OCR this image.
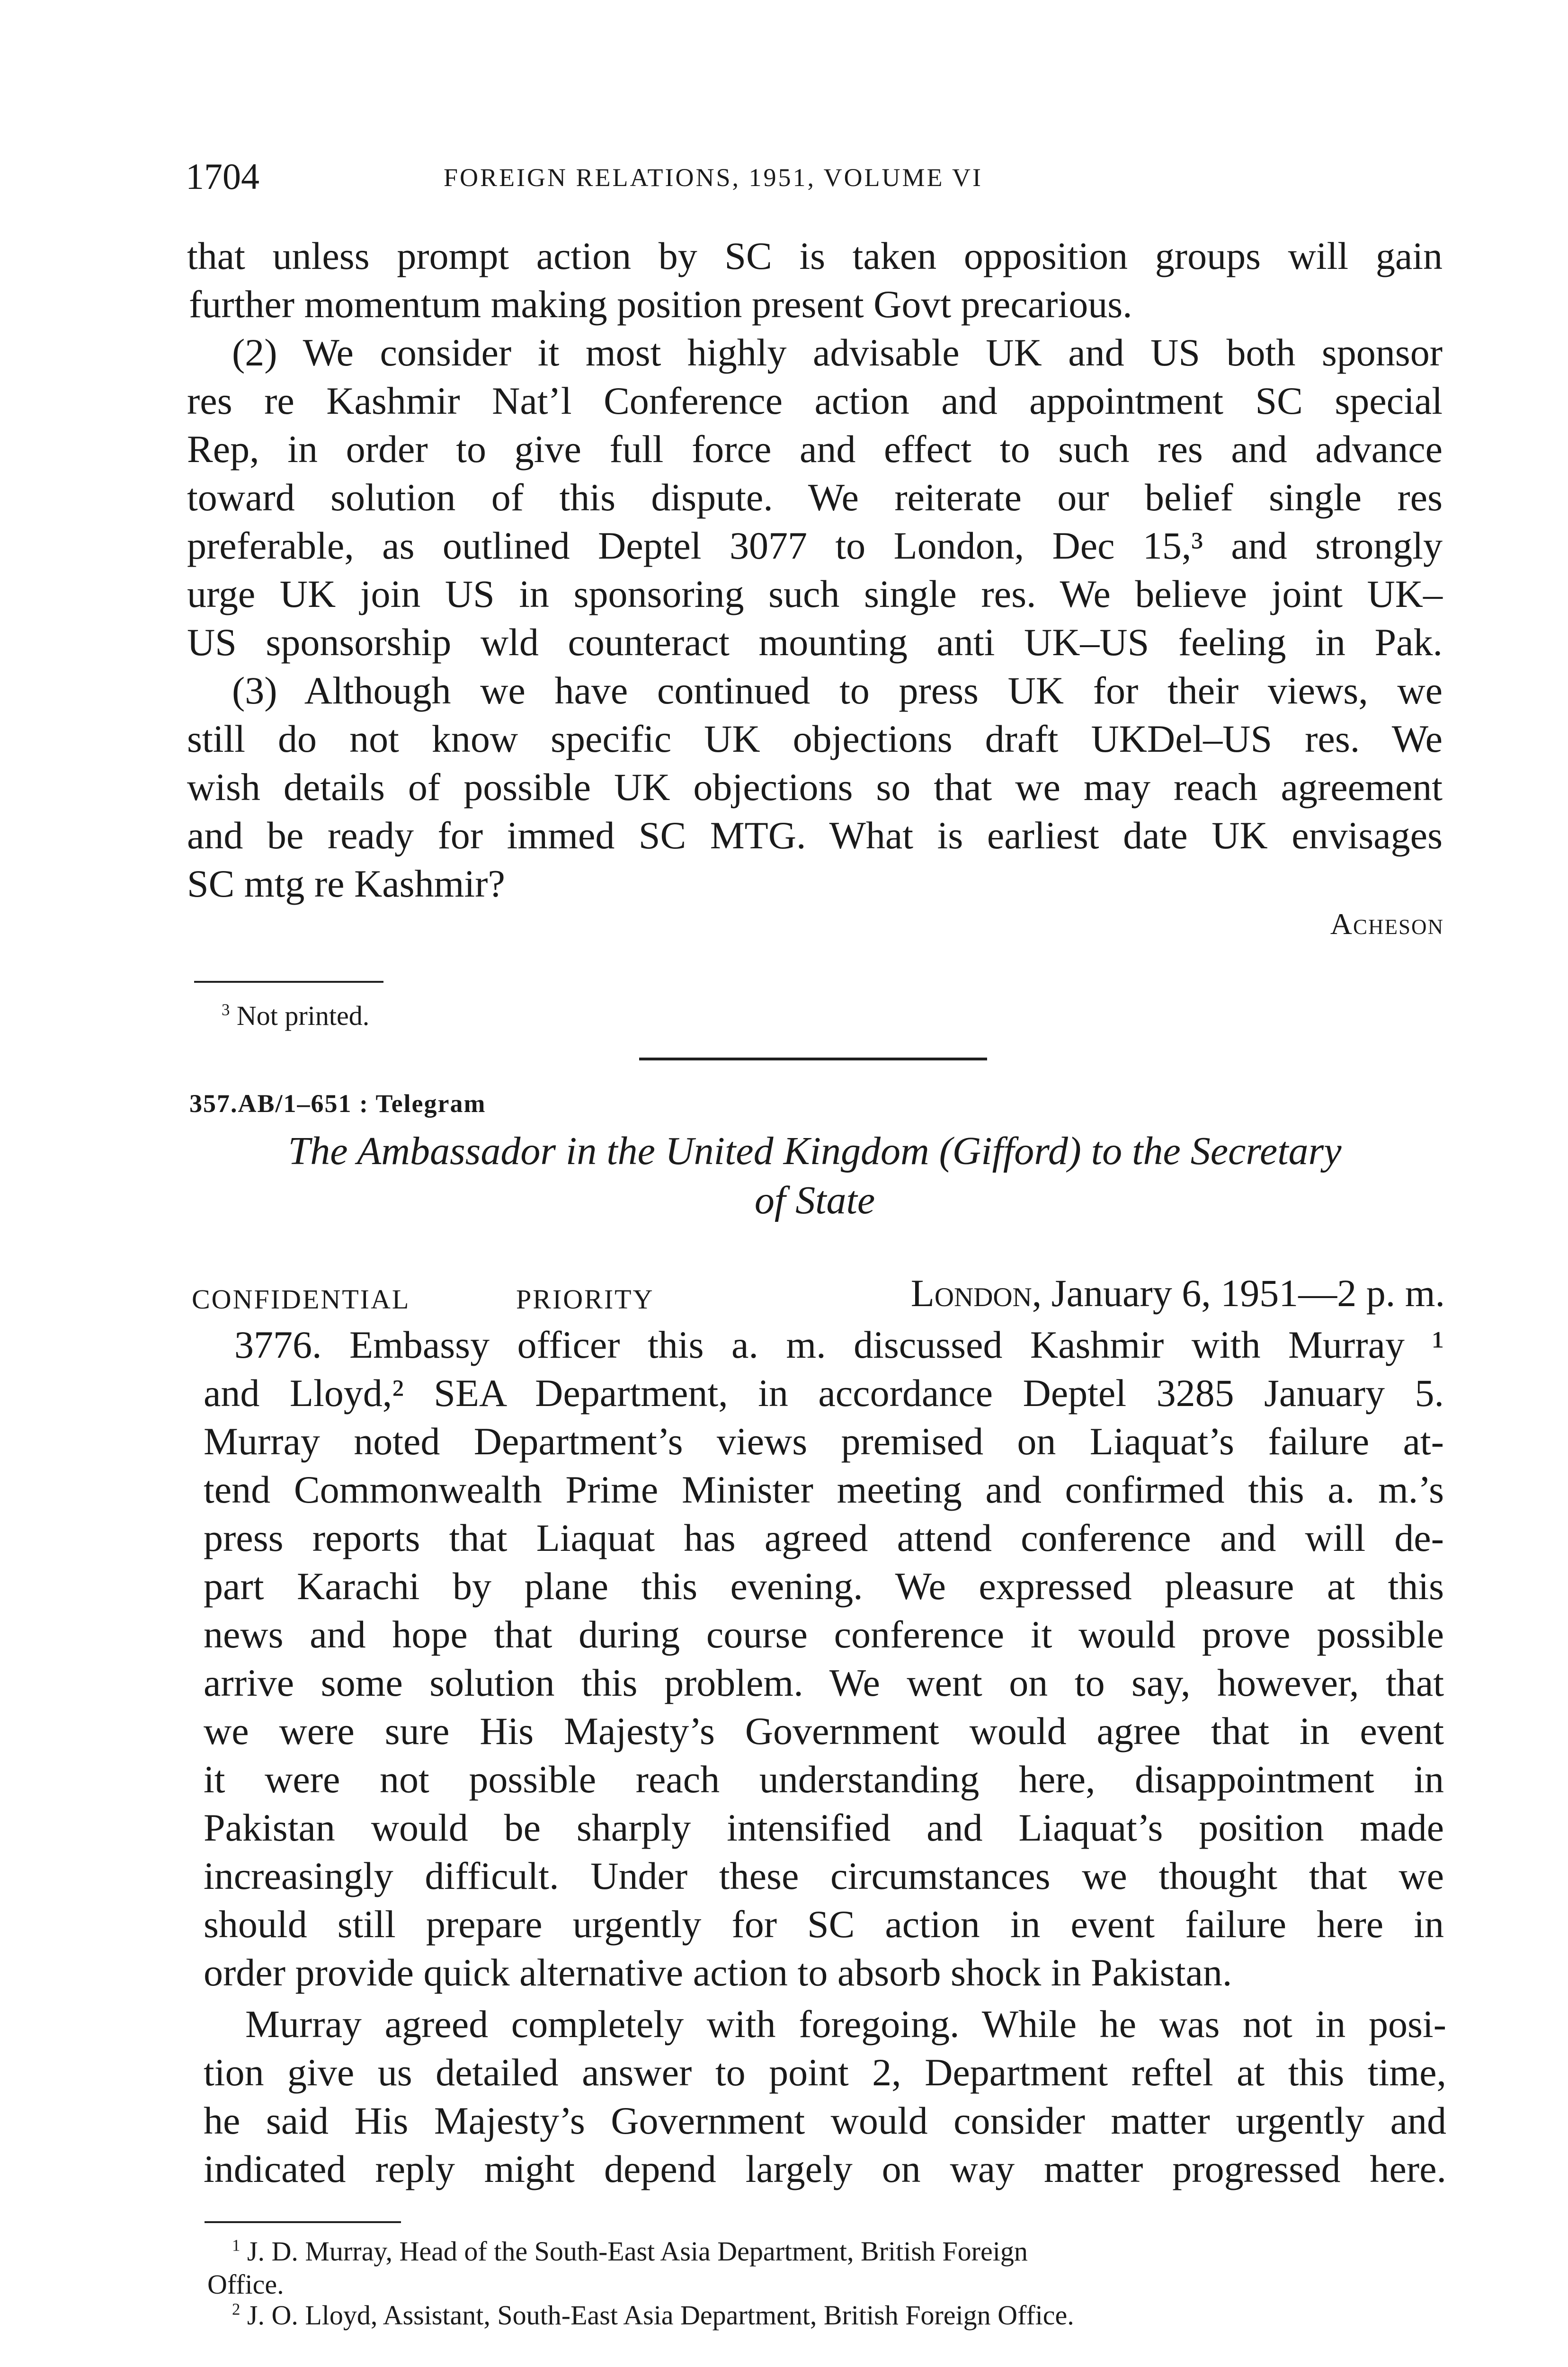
1704	FOREIGN RELATIONS, 1951, VOLUME VI
that unless prompt action by SC is taken opposition groups will gain
further momentum making position present Govt precarious.
(2) We consider it most highly advisable UK and US both sponsor
res re Kashmir Nat’l Conference action and appointment SC special
Rep, in order to give full force and effect to such res and advance
toward solution of this dispute. We reiterate our belief single res
preferable, as outlined Deptel 3077 to London, Dec 15,³ and strongly
urge UK join US in sponsoring such single res. We believe joint UK–
US sponsorship wld counteract mounting anti UK–US feeling in Pak.
(3) Although we have continued to press UK for their views, we
still do not know specific UK objections draft UKDel–US res. We
wish details of possible UK objections so that we may reach agreement
and be ready for immed SC MTG. What is earliest date UK envisages
SC mtg re Kashmir?
Acheson
$^3$ Not printed.
357.AB/1–651 : Telegram
The Ambassador in the United Kingdom (Gifford) to the Secretary
of State
CONFIDENTIAL	PRIORITY	London, January 6, 1951—2 p. m.
3776. Embassy officer this a. m. discussed Kashmir with Murray ¹
and Lloyd,² SEA Department, in accordance Deptel 3285 January 5.
Murray noted Department’s views premised on Liaquat’s failure at-
tend Commonwealth Prime Minister meeting and confirmed this a. m.’s
press reports that Liaquat has agreed attend conference and will de-
part Karachi by plane this evening. We expressed pleasure at this
news and hope that during course conference it would prove possible
arrive some solution this problem. We went on to say, however, that
we were sure His Majesty’s Government would agree that in event
it were not possible reach understanding here, disappointment in
Pakistan would be sharply intensified and Liaquat’s position made
increasingly difficult. Under these circumstances we thought that we
should still prepare urgently for SC action in event failure here in
order provide quick alternative action to absorb shock in Pakistan.
Murray agreed completely with foregoing. While he was not in posi-
tion give us detailed answer to point 2, Department reftel at this time,
he said His Majesty’s Government would consider matter urgently and
indicated reply might depend largely on way matter progressed here.
$^1$ J. D. Murray, Head of the South-East Asia Department, British Foreign
Office.
$^2$ J. O. Lloyd, Assistant, South-East Asia Department, British Foreign Office.
